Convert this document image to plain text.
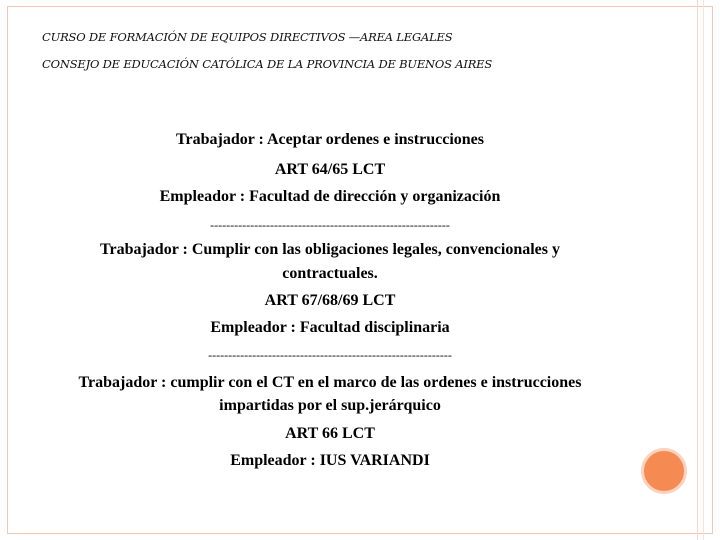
CURSO DE FORMACIÓN DE EQUIPOS DIRECTIVOS —AREA LEGALES
CONSEJO DE EDUCACIÓN CATÓLICA DE LA PROVINCIA DE BUENOS AIRES
Trabajador : Aceptar ordenes e instrucciones
ART 64/65 LCT
Empleador : Facultad de dirección y organización
------------------------------------------------------------
Trabajador : Cumplir con las obligaciones legales, convencionales y
contractuales.
ART 67/68/69 LCT
Empleador : Facultad disciplinaria
-------------------------------------------------------------
Trabajador : cumplir con el CT en el marco de las ordenes e instrucciones
impartidas por el sup.jerárquico
ART 66 LCT
Empleador : IUS VARIANDI
